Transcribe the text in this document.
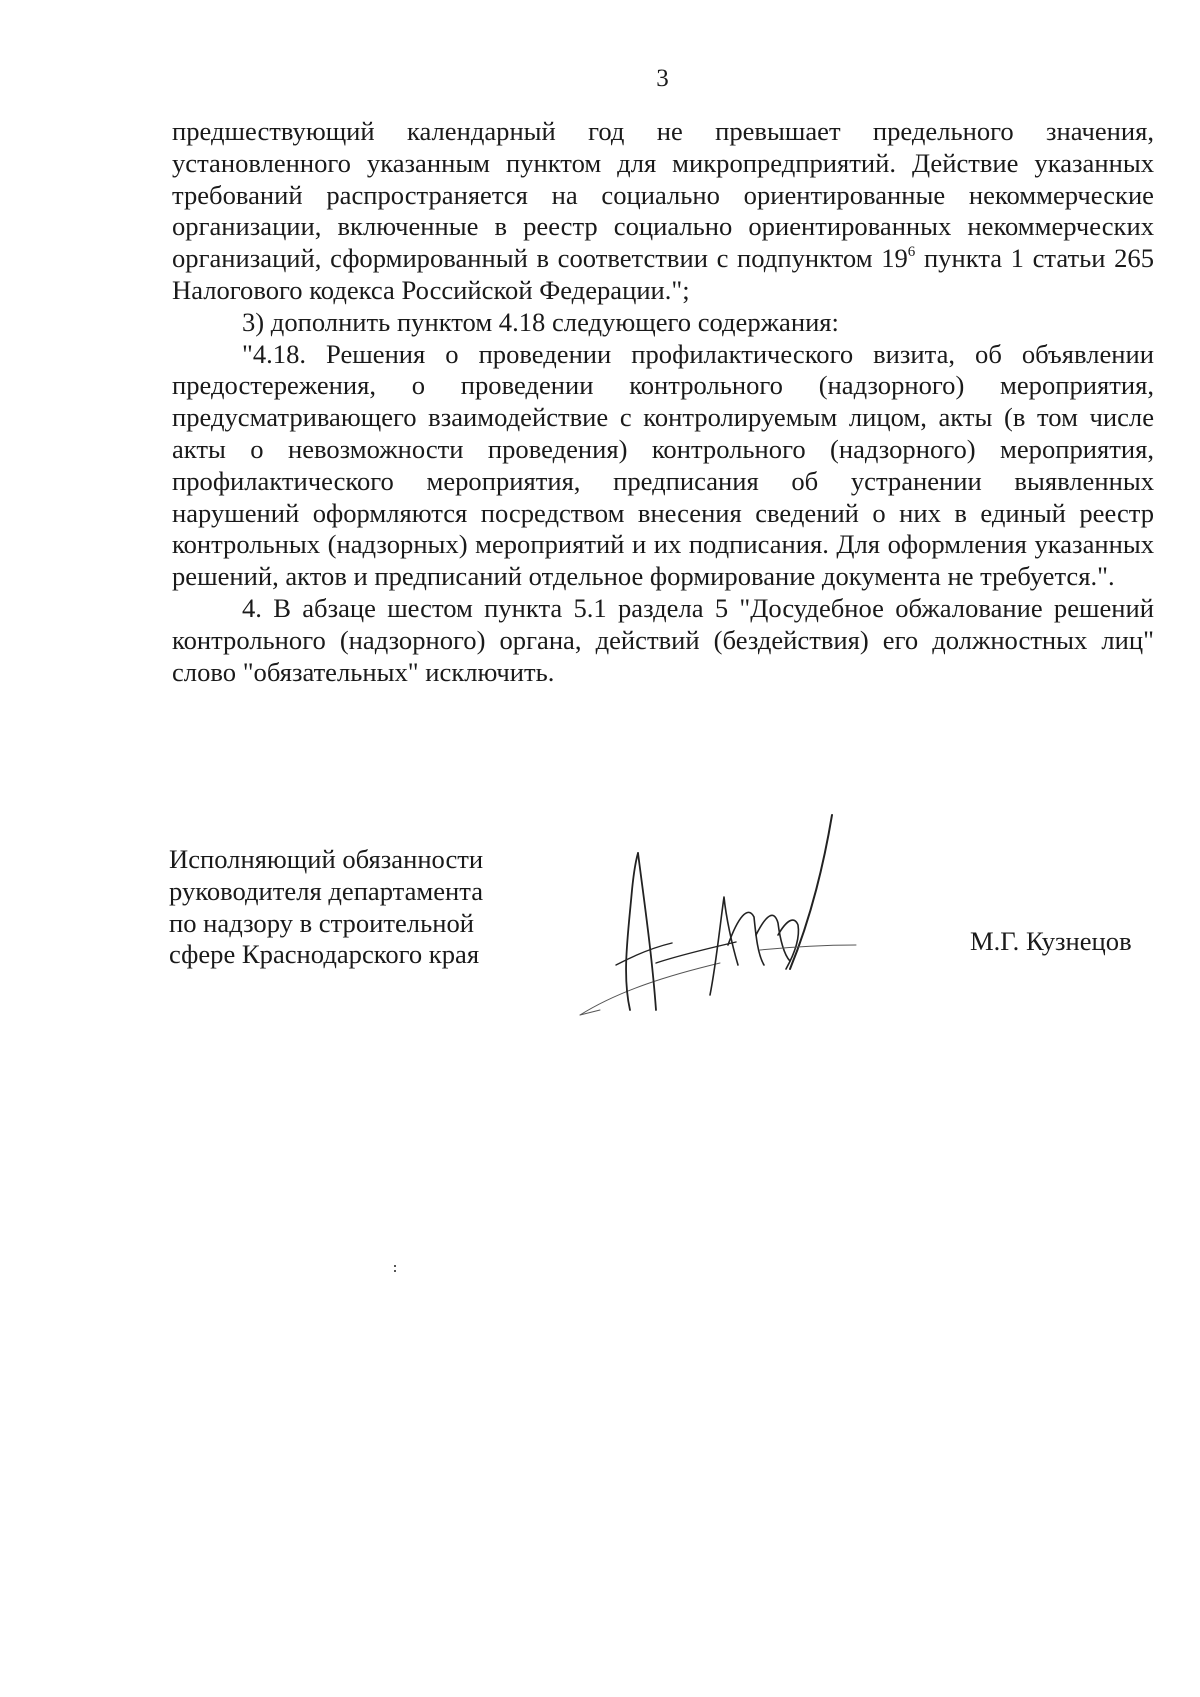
3

предшествующий календарный год не превышает предельного значения, установленного указанным пунктом для микропредприятий. Действие указанных требований распространяется на социально ориентированные некоммерческие организации, включенные в реестр социально ориентированных некоммерческих организаций, сформированный в соответствии с подпунктом $19^6$ пункта 1 статьи 265 Налогового кодекса Российской Федерации.";

3) дополнить пунктом 4.18 следующего содержания:

"4.18. Решения о проведении профилактического визита, об объявлении предостережения, о проведении контрольного (надзорного) мероприятия, предусматривающего взаимодействие с контролируемым лицом, акты (в том числе акты о невозможности проведения) контрольного (надзорного) мероприятия, профилактического мероприятия, предписания об устранении выявленных нарушений оформляются посредством внесения сведений о них в единый реестр контрольных (надзорных) мероприятий и их подписания. Для оформления указанных решений, актов и предписаний отдельное формирование документа не требуется.".

4. В абзаце шестом пункта 5.1 раздела 5 "Досудебное обжалование решений контрольного (надзорного) органа, действий (бездействия) его должностных лиц" слово "обязательных" исключить.

Исполняющий обязанности
руководителя департамента
по надзору в строительной
сфере Краснодарского края	М.Г. Кузнецов
